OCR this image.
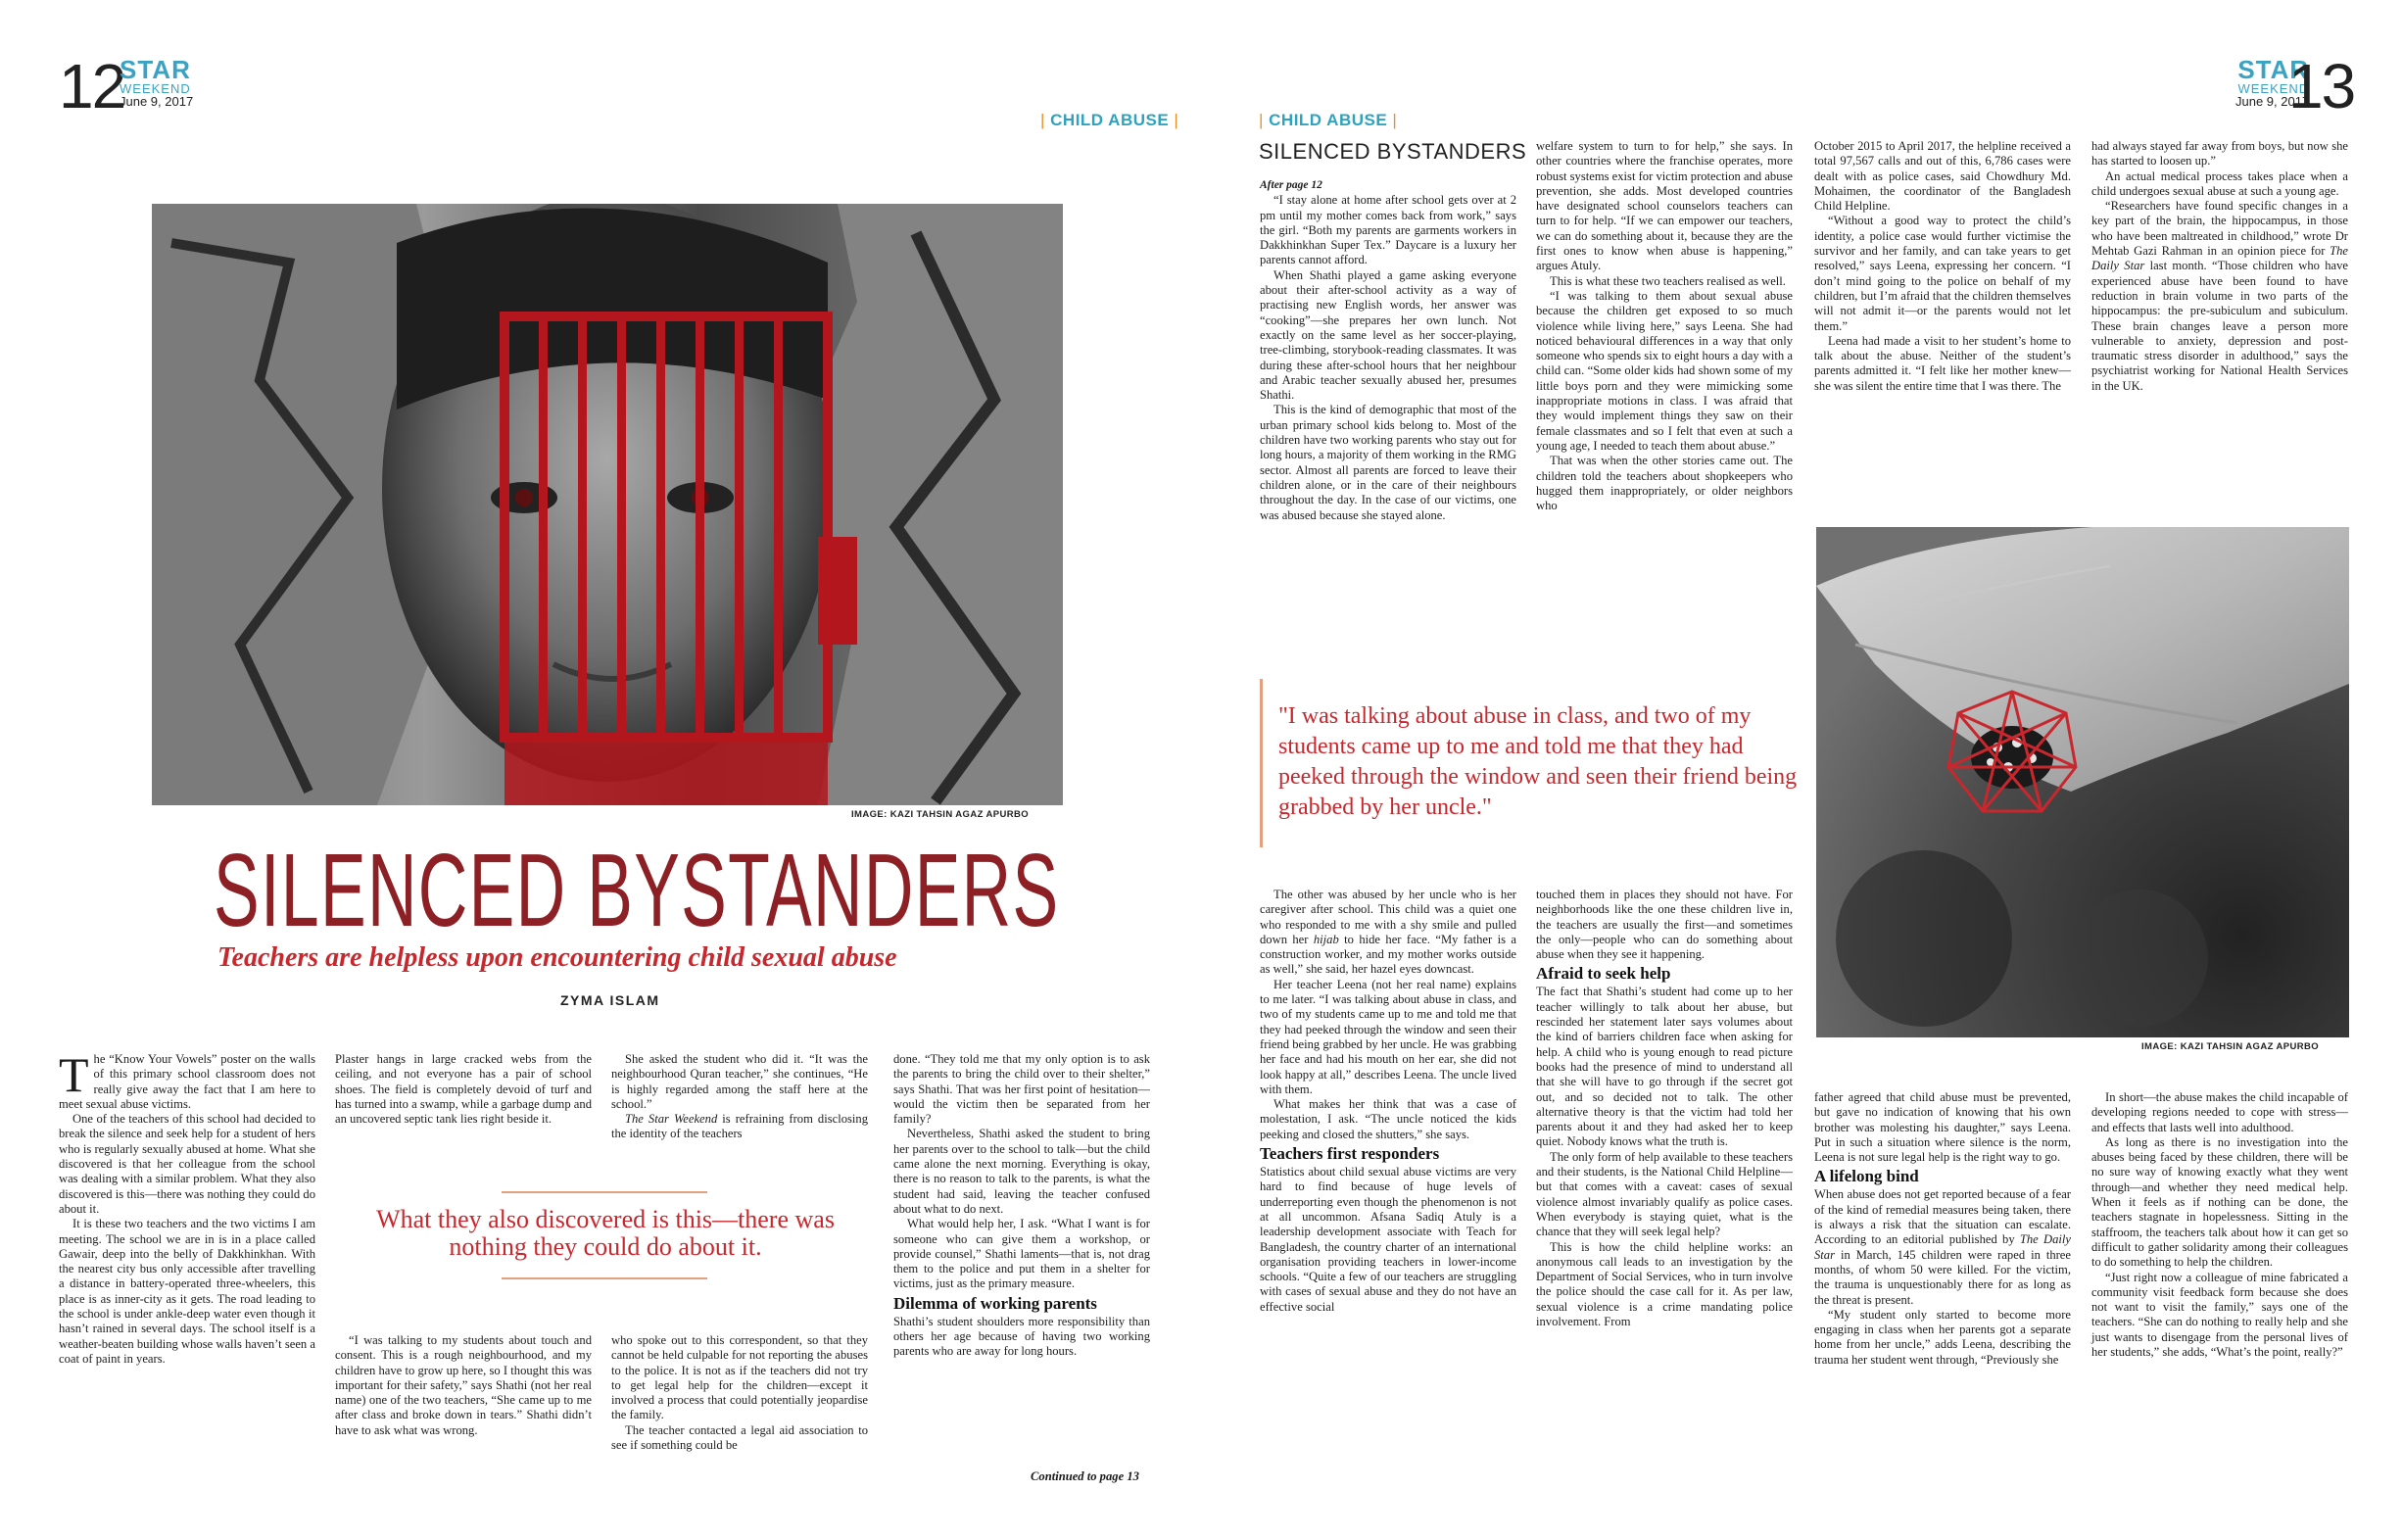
12
STAR
WEEKEND
June 9, 2017
| CHILD ABUSE |
IMAGE: KAZI TAHSIN AGAZ APURBO
SILENCED BYSTANDERS
Teachers are helpless upon encountering child sexual abuse
ZYMA ISLAM

The “Know Your Vowels” poster on the walls of this primary school classroom does not really give away the fact that I am here to meet sexual abuse victims.

One of the teachers of this school had decided to break the silence and seek help for a student of hers who is regularly sexually abused at home. What she discovered is that her colleague from the school was dealing with a similar problem. What they also discovered is this—there was nothing they could do about it.

It is these two teachers and the two victims I am meeting. The school we are in is in a place called Gawair, deep into the belly of Dakkhinkhan. With the nearest city bus only accessible after travelling a distance in battery-operated three-wheelers, this place is as inner-city as it gets. The road leading to the school is under ankle-deep water even though it hasn’t rained in several days. The school itself is a weather-beaten building whose walls haven’t seen a coat of paint in years.

Plaster hangs in large cracked webs from the ceiling, and not everyone has a pair of school shoes. The field is completely devoid of turf and has turned into a swamp, while a garbage dump and an uncovered septic tank lies right beside it.

“I was talking to my students about touch and consent. This is a rough neighbourhood, and my children have to grow up here, so I thought this was important for their safety,” says Shathi (not her real name) one of the two teachers, “She came up to me after class and broke down in tears.” Shathi didn’t have to ask what was wrong.

She asked the student who did it. “It was the neighbourhood Quran teacher,” she continues, “He is highly regarded among the staff here at the school.”

The Star Weekend is refraining from disclosing the identity of the teachers

who spoke out to this correspondent, so that they cannot be held culpable for not reporting the abuses to the police. It is not as if the teachers did not try to get legal help for the children—except it involved a process that could potentially jeopardise the family.

The teacher contacted a legal aid association to see if something could be

What they also discovered is this—there was nothing they could do about it.

done. “They told me that my only option is to ask the parents to bring the child over to their shelter,” says Shathi. That was her first point of hesitation—would the victim then be separated from her family?

Nevertheless, Shathi asked the student to bring her parents over to the school to talk—but the child came alone the next morning. Everything is okay, there is no reason to talk to the parents, is what the student had said, leaving the teacher confused about what to do next.

What would help her, I ask. “What I want is for someone who can give them a workshop, or provide counsel,” Shathi laments—that is, not drag them to the police and put them in a shelter for victims, just as the primary measure.

Dilemma of working parents

Shathi’s student shoulders more responsibility than others her age because of having two working parents who are away for long hours.

Continued to page 13
| CHILD ABUSE |
SILENCED BYSTANDERS
STAR
WEEKEND
June 9, 2017
13

After page 12

“I stay alone at home after school gets over at 2 pm until my mother comes back from work,” says the girl. “Both my parents are garments workers in Dakkhinkhan Super Tex.” Daycare is a luxury her parents cannot afford.

When Shathi played a game asking everyone about their after-school activity as a way of practising new English words, her answer was “cooking”—she prepares her own lunch. Not exactly on the same level as her soccer-playing, tree-climbing, storybook-reading classmates. It was during these after-school hours that her neighbour and Arabic teacher sexually abused her, presumes Shathi.

This is the kind of demographic that most of the urban primary school kids belong to. Most of the children have two working parents who stay out for long hours, a majority of them working in the RMG sector. Almost all parents are forced to leave their children alone, or in the care of their neighbours throughout the day. In the case of our victims, one was abused because she stayed alone.

welfare system to turn to for help,” she says. In other countries where the franchise operates, more robust systems exist for victim protection and abuse prevention, she adds. Most developed countries have designated school counselors teachers can turn to for help. “If we can empower our teachers, we can do something about it, because they are the first ones to know when abuse is happening,” argues Atuly.

This is what these two teachers realised as well.

“I was talking to them about sexual abuse because the children get exposed to so much violence while living here,” says Leena. She had noticed behavioural differences in a way that only someone who spends six to eight hours a day with a child can. “Some older kids had shown some of my little boys porn and they were mimicking some inappropriate motions in class. I was afraid that they would implement things they saw on their female classmates and so I felt that even at such a young age, I needed to teach them about abuse.”

That was when the other stories came out. The children told the teachers about shopkeepers who hugged them inappropriately, or older neighbors who

October 2015 to April 2017, the helpline received a total 97,567 calls and out of this, 6,786 cases were dealt with as police cases, said Chowdhury Md. Mohaimen, the coordinator of the Bangladesh Child Helpline.

“Without a good way to protect the child’s identity, a police case would further victimise the survivor and her family, and can take years to get resolved,” says Leena, expressing her concern. “I don’t mind going to the police on behalf of my children, but I’m afraid that the children themselves will not admit it—or the parents would not let them.”

Leena had made a visit to her student’s home to talk about the abuse. Neither of the student’s parents admitted it. “I felt like her mother knew—she was silent the entire time that I was there. The

had always stayed far away from boys, but now she has started to loosen up.”

An actual medical process takes place when a child undergoes sexual abuse at such a young age.

“Researchers have found specific changes in a key part of the brain, the hippocampus, in those who have been maltreated in childhood,” wrote Dr Mehtab Gazi Rahman in an opinion piece for The Daily Star last month. “Those children who have experienced abuse have been found to have reduction in brain volume in two parts of the hippocampus: the pre-subiculum and subiculum. These brain changes leave a person more vulnerable to anxiety, depression and post-traumatic stress disorder in adulthood,” says the psychiatrist working for National Health Services in the UK.

"I was talking about abuse in class, and two of my students came up to me and told me that they had peeked through the window and seen their friend being grabbed by her uncle."
IMAGE: KAZI TAHSIN AGAZ APURBO

The other was abused by her uncle who is her caregiver after school. This child was a quiet one who responded to me with a shy smile and pulled down her hijab to hide her face. “My father is a construction worker, and my mother works outside as well,” she said, her hazel eyes downcast.

Her teacher Leena (not her real name) explains to me later. “I was talking about abuse in class, and two of my students came up to me and told me that they had peeked through the window and seen their friend being grabbed by her uncle. He was grabbing her face and had his mouth on her ear, she did not look happy at all,” describes Leena. The uncle lived with them.

What makes her think that was a case of molestation, I ask. “The uncle noticed the kids peeking and closed the shutters,” she says.

Teachers first responders

Statistics about child sexual abuse victims are very hard to find because of huge levels of underreporting even though the phenomenon is not at all uncommon. Afsana Sadiq Atuly is a leadership development associate with Teach for Bangladesh, the country charter of an international organisation providing teachers in lower-income schools. “Quite a few of our teachers are struggling with cases of sexual abuse and they do not have an effective social

touched them in places they should not have. For neighborhoods like the one these children live in, the teachers are usually the first—and sometimes the only—people who can do something about abuse when they see it happening.

Afraid to seek help

The fact that Shathi’s student had come up to her teacher willingly to talk about her abuse, but rescinded her statement later says volumes about the kind of barriers children face when asking for help. A child who is young enough to read picture books had the presence of mind to understand all that she will have to go through if the secret got out, and so decided not to talk. The other alternative theory is that the victim had told her parents about it and they had asked her to keep quiet. Nobody knows what the truth is.

The only form of help available to these teachers and their students, is the National Child Helpline—but that comes with a caveat: cases of sexual violence almost invariably qualify as police cases. When everybody is staying quiet, what is the chance that they will seek legal help?

This is how the child helpline works: an anonymous call leads to an investigation by the Department of Social Services, who in turn involve the police should the case call for it. As per law, sexual violence is a crime mandating police involvement. From

father agreed that child abuse must be prevented, but gave no indication of knowing that his own brother was molesting his daughter,” says Leena. Put in such a situation where silence is the norm, Leena is not sure legal help is the right way to go.

A lifelong bind

When abuse does not get reported because of a fear of the kind of remedial measures being taken, there is always a risk that the situation can escalate. According to an editorial published by The Daily Star in March, 145 children were raped in three months, of whom 50 were killed. For the victim, the trauma is unquestionably there for as long as the threat is present.

“My student only started to become more engaging in class when her parents got a separate home from her uncle,” adds Leena, describing the trauma her student went through, “Previously she

In short—the abuse makes the child incapable of developing regions needed to cope with stress—and effects that lasts well into adulthood.

As long as there is no investigation into the abuses being faced by these children, there will be no sure way of knowing exactly what they went through—and whether they need medical help. When it feels as if nothing can be done, the teachers stagnate in hopelessness. Sitting in the staffroom, the teachers talk about how it can get so difficult to gather solidarity among their colleagues to do something to help the children.

“Just right now a colleague of mine fabricated a community visit feedback form because she does not want to visit the family,” says one of the teachers. “She can do nothing to really help and she just wants to disengage from the personal lives of her students,” she adds, “What’s the point, really?”
